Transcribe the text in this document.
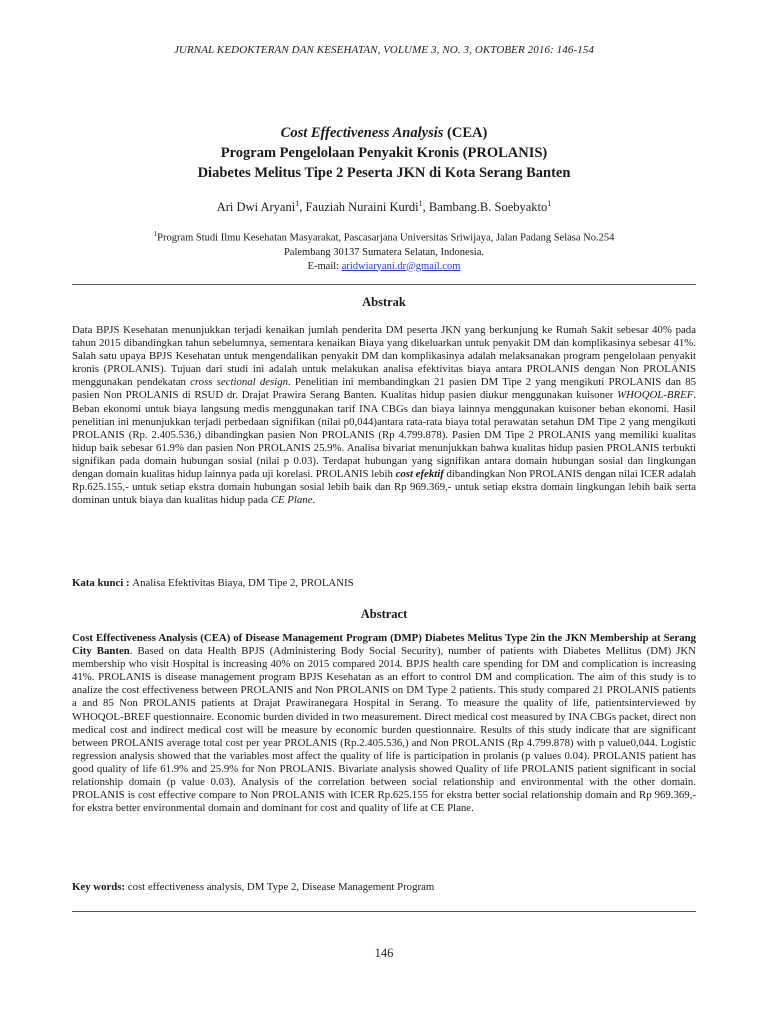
JURNAL KEDOKTERAN DAN KESEHATAN, VOLUME 3, NO. 3, OKTOBER 2016: 146-154
Cost Effectiveness Analysis (CEA)
Program Pengelolaan Penyakit Kronis (PROLANIS)
Diabetes Melitus Tipe 2 Peserta JKN di Kota Serang Banten
Ari Dwi Aryani$^1$, Fauziah Nuraini Kurdi$^1$, Bambang.B. Soebyakto$^1$
$^1$Program Studi Ilmu Kesehatan Masyarakat, Pascasarjana Universitas Sriwijaya, Jalan Padang Selasa No.254
Palembang 30137 Sumatera Selatan, Indonesia.
E-mail: aridwiaryani.dr@gmail.com
Abstrak
Data BPJS Kesehatan menunjukkan terjadi kenaikan jumlah penderita DM peserta JKN yang berkunjung ke Rumah Sakit sebesar 40% pada tahun 2015 dibandingkan tahun sebelumnya, sementara kenaikan Biaya yang dikeluarkan untuk penyakit DM dan komplikasinya sebesar 41%. Salah satu upaya BPJS Kesehatan untuk mengendalikan penyakit DM dan komplikasinya adalah melaksanakan program pengelolaan penyakit kronis (PROLANIS). Tujuan dari studi ini adalah untuk melakukan analisa efektivitas biaya antara PROLANIS dengan Non PROLANIS menggunakan pendekatan cross sectional design. Penelitian ini membandingkan 21 pasien DM Tipe 2 yang mengikuti PROLANIS dan 85 pasien Non PROLANIS di RSUD dr. Drajat Prawira Serang Banten. Kualitas hidup pasien diukur menggunakan kuisoner WHOQOL-BREF. Beban ekonomi untuk biaya langsung medis menggunakan tarif INA CBGs dan biaya lainnya menggunakan kuisoner beban ekonomi. Hasil penelitian ini menunjukkan terjadi perbedaan signifikan (nilai p0,044)antara rata-rata biaya total perawatan setahun DM Tipe 2 yang mengikuti PROLANIS (Rp. 2.405.536,) dibandingkan pasien Non PROLANIS (Rp 4.799.878). Pasien DM Tipe 2 PROLANIS yang memiliki kualitas hidup baik sebesar 61.9% dan pasien Non PROLANIS 25.9%. Analisa bivariat menunjukkan bahwa kualitas hidup pasien PROLANIS terbukti signifikan pada domain hubungan sosial (nilai p 0.03). Terdapat hubungan yang signifikan antara domain hubungan sosial dan lingkungan dengan domain kualitas hidup lainnya pada uji korelasi. PROLANIS lebih cost efektif dibandingkan Non PROLANIS dengan nilai ICER adalah Rp.625.155,- untuk setiap ekstra domain hubungan sosial lebih baik dan Rp 969.369,- untuk setiap ekstra domain lingkungan lebih baik serta dominan untuk biaya dan kualitas hidup pada CE Plane.
Kata kunci : Analisa Efektivitas Biaya, DM Tipe 2, PROLANIS
Abstract
Cost Effectiveness Analysis (CEA) of Disease Management Program (DMP) Diabetes Melitus Type 2in the JKN Membership at Serang City Banten. Based on data Health BPJS (Administering Body Social Security), number of patients with Diabetes Mellitus (DM) JKN membership who visit Hospital is increasing 40% on 2015 compared 2014. BPJS health care spending for DM and complication is increasing 41%. PROLANIS is disease management program BPJS Kesehatan as an effort to control DM and complication. The aim of this study is to analize the cost effectiveness between PROLANIS and Non PROLANIS on DM Type 2 patients. This study compared 21 PROLANIS patients a and 85 Non PROLANIS patients at Drajat Prawiranegara Hospital in Serang. To measure the quality of life, patientsinterviewed by WHOQOL-BREF questionnaire. Economic burden divided in two measurement. Direct medical cost measured by INA CBGs packet, direct non medical cost and indirect medical cost will be measure by economic burden questionnaire. Results of this study indicate that are significant between PROLANIS average total cost per year PROLANIS (Rp.2.405.536,) and Non PROLANIS (Rp 4.799.878) with p value0,044. Logistic regression analysis showed that the variables most affect the quality of life is participation in prolanis (p values 0.04). PROLANIS patient has good quality of life 61.9% and 25.9% for Non PROLANIS. Bivariate analysis showed Quality of life PROLANIS patient significant in social relationship domain (p value 0.03). Analysis of the correlation between social relationship and environmental with the other domain. PROLANIS is cost effective compare to Non PROLANIS with ICER Rp.625.155 for ekstra better social relationship domain and Rp 969.369,- for ekstra better environmental domain and dominant for cost and quality of life at CE Plane.
Key words: cost effectiveness analysis, DM Type 2, Disease Management Program
146
